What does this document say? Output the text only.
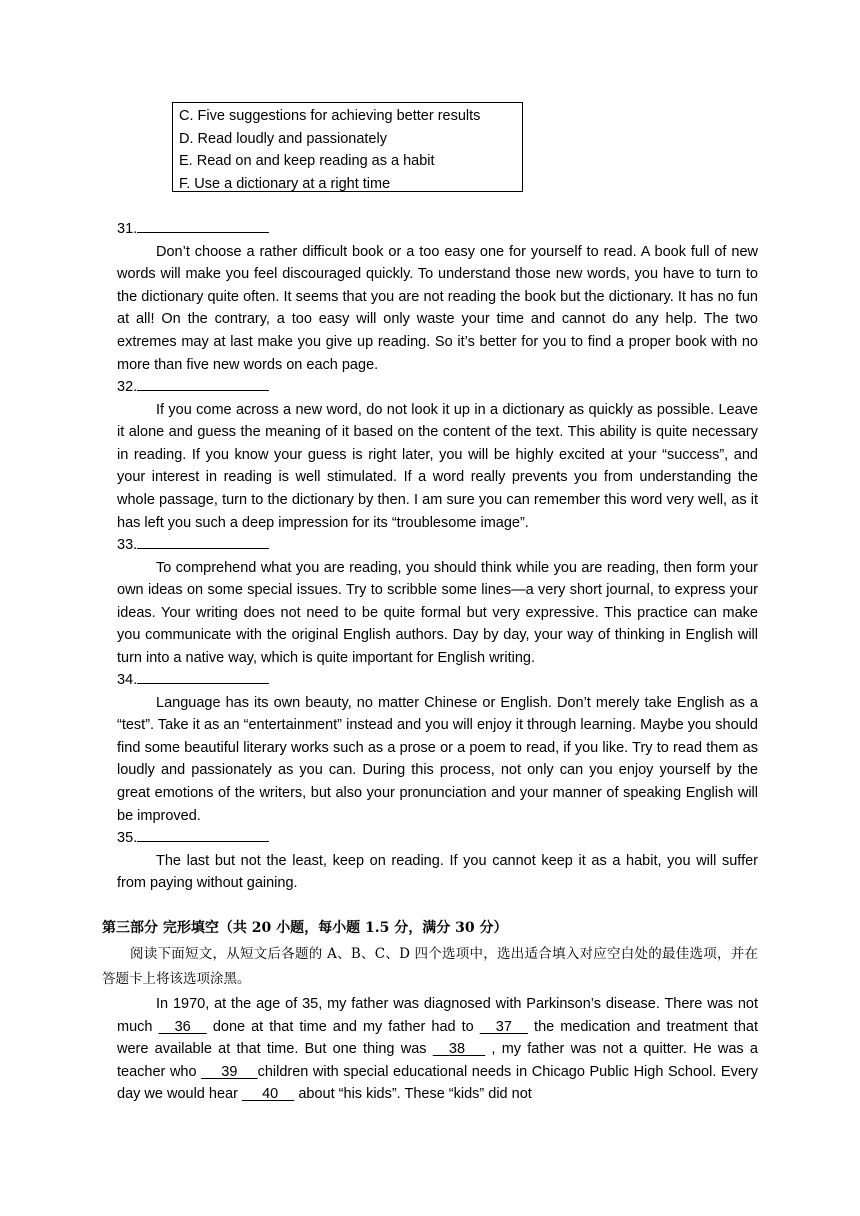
C. Five suggestions for achieving better results
D. Read loudly and passionately
E. Read on and keep reading as a habit
F. Use a dictionary at a right time
31.

Don’t choose a rather difficult book or a too easy one for yourself to read. A book full of new words will make you feel discouraged quickly. To understand those new words, you have to turn to the dictionary quite often. It seems that you are not reading the book but the dictionary. It has no fun at all! On the contrary, a too easy will only waste your time and cannot do any help. The two extremes may at last make you give up reading. So it’s better for you to find a proper book with no more than five new words on each page.

32.

If you come across a new word, do not look it up in a dictionary as quickly as possible. Leave it alone and guess the meaning of it based on the content of the text. This ability is quite necessary in reading. If you know your guess is right later, you will be highly excited at your “success”, and your interest in reading is well stimulated. If a word really prevents you from understanding the whole passage, turn to the dictionary by then. I am sure you can remember this word very well, as it has left you such a deep impression for its “troublesome image”.

33.

To comprehend what you are reading, you should think while you are reading, then form your own ideas on some special issues. Try to scribble some lines—a very short journal, to express your ideas. Your writing does not need to be quite formal but very expressive. This practice can make you communicate with the original English authors. Day by day, your way of thinking in English will turn into a native way, which is quite important for English writing.

34.

Language has its own beauty, no matter Chinese or English. Don’t merely take English as a “test”. Take it as an “entertainment” instead and you will enjoy it through learning. Maybe you should find some beautiful literary works such as a prose or a poem to read, if you like. Try to read them as loudly and passionately as you can. During this process, not only can you enjoy yourself by the great emotions of the writers, but also your pronunciation and your manner of speaking English will be improved.

35.

The last but not the least, keep on reading. If you cannot keep it as a habit, you will suffer from paying without gaining.

第三部分 完形填空（共 20 小题，每小题 1.5 分，满分 30 分）
阅读下面短文，从短文后各题的 A、B、C、D 四个选项中，选出适合填入对应空白处的最佳选项，并在答题卡上将该选项涂黑。
In 1970, at the age of 35, my father was diagnosed with Parkinson’s disease. There was not much     36     done at that time and my father had to     37     the medication and treatment that were available at that time. But one thing was     38      , my father was not a quitter. He was a teacher who      39     children with special educational needs in Chicago Public High School. Every day we would hear      40     about “his kids”. These “kids” did not
